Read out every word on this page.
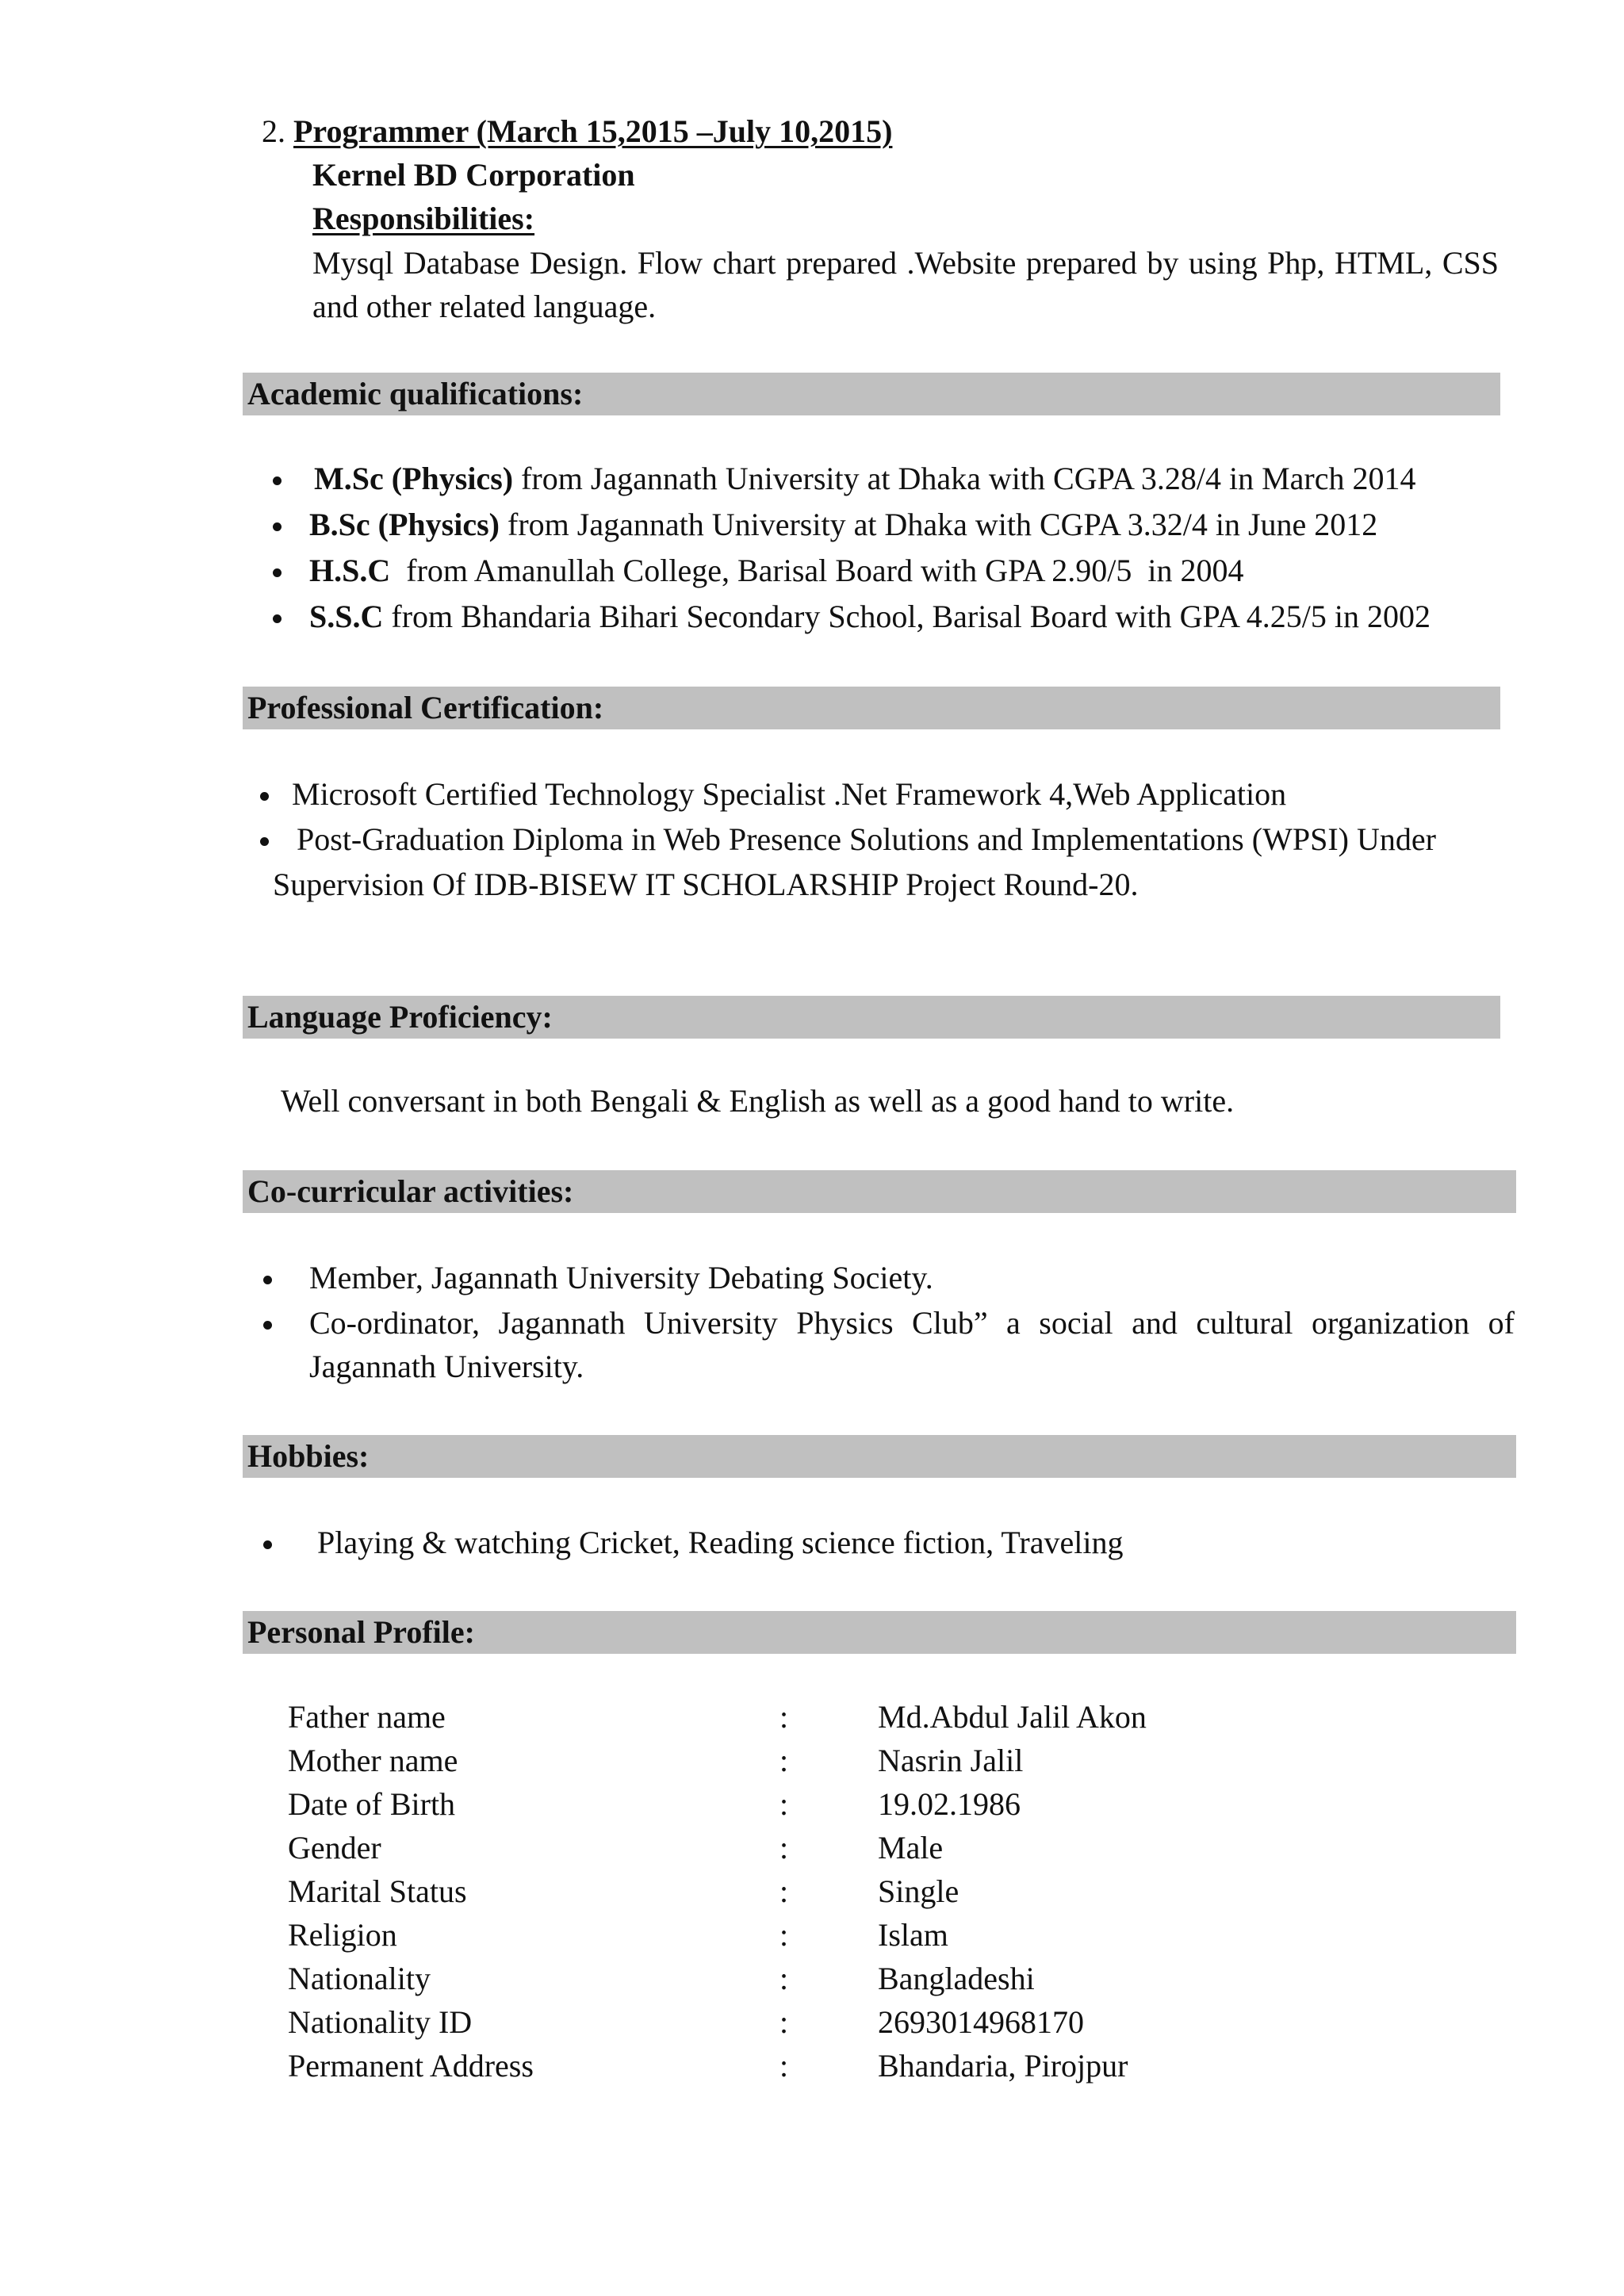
2. Programmer (March 15,2015 –July 10,2015)
Kernel BD Corporation
Responsibilities:
Mysql Database Design. Flow chart prepared .Website prepared by using Php, HTML, CSS and other related language.
Academic qualifications:
M.Sc (Physics) from Jagannath University at Dhaka with CGPA 3.28/4 in March 2014
B.Sc (Physics) from Jagannath University at Dhaka with CGPA 3.32/4 in June 2012
H.S.C  from Amanullah College, Barisal Board with GPA 2.90/5  in 2004
S.S.C from Bhandaria Bihari Secondary School, Barisal Board with GPA 4.25/5 in 2002
Professional Certification:
Microsoft Certified Technology Specialist .Net Framework 4,Web Application
Post-Graduation Diploma in Web Presence Solutions and Implementations (WPSI) Under
Supervision Of IDB-BISEW IT SCHOLARSHIP Project Round-20.
Language Proficiency:
Well conversant in both Bengali & English as well as a good hand to write.
Co-curricular activities:
Member, Jagannath University Debating Society.
Co-ordinator, Jagannath University Physics Club” a social and cultural organization of Jagannath University.
Hobbies:
Playing & watching Cricket, Reading science fiction, Traveling
Personal Profile:
Father name	:	Md.Abdul Jalil Akon
Mother name	:	Nasrin Jalil
Date of Birth	:	19.02.1986
Gender	:	Male
Marital Status	:	Single
Religion	:	Islam
Nationality	:	Bangladeshi
Nationality ID	:	2693014968170
Permanent Address	:	Bhandaria, Pirojpur
